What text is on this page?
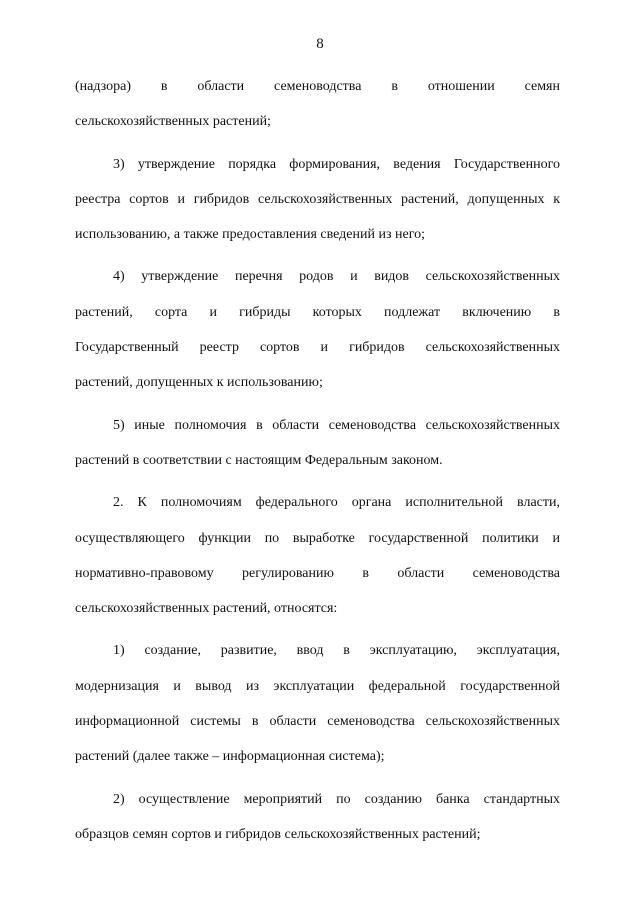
8
(надзора) в области семеноводства в отношении семян
сельскохозяйственных растений;
3) утверждение порядка формирования, ведения Государственного
реестра сортов и гибридов сельскохозяйственных растений, допущенных к
использованию, а также предоставления сведений из него;
4) утверждение перечня родов и видов сельскохозяйственных
растений, сорта и гибриды которых подлежат включению в
Государственный реестр сортов и гибридов сельскохозяйственных
растений, допущенных к использованию;
5) иные полномочия в области семеноводства сельскохозяйственных
растений в соответствии с настоящим Федеральным законом.
2. К полномочиям федерального органа исполнительной власти,
осуществляющего функции по выработке государственной политики и
нормативно-правовому регулированию в области семеноводства
сельскохозяйственных растений, относятся:
1) создание, развитие, ввод в эксплуатацию, эксплуатация,
модернизация и вывод из эксплуатации федеральной государственной
информационной системы в области семеноводства сельскохозяйственных
растений (далее также – информационная система);
2) осуществление мероприятий по созданию банка стандартных
образцов семян сортов и гибридов сельскохозяйственных растений;
